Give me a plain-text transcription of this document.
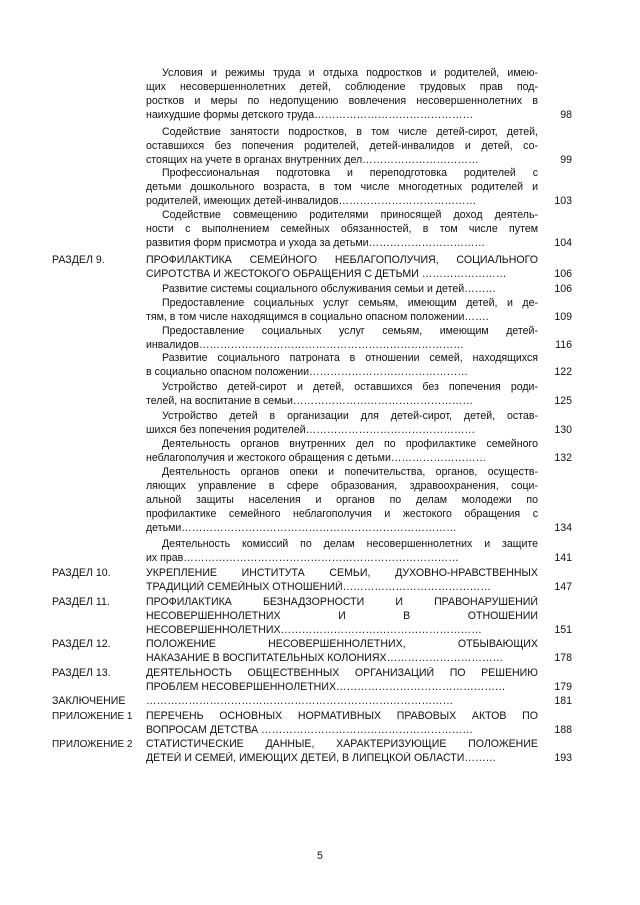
Условия и режимы труда и отдыха подростков и родителей, имею-
щих несовершеннолетних детей, соблюдение трудовых прав под-
ростков и меры по недопущению вовлечения несовершеннолетних в
наихудшие формы детского труда………………………………………	98
Содействие занятости подростков, в том числе детей-сирот, детей,
оставшихся без попечения родителей, детей-инвалидов и детей, со-
стоящих на учете в органах внутренних дел……………………………	99
Профессиональная подготовка и переподготовка родителей с
детьми дошкольного возраста, в том числе многодетных родителей и
родителей, имеющих детей-инвалидов…………………………………	103
Содействие совмещению родителями приносящей доход деятель-
ности с выполнением семейных обязанностей, в том числе путем
развития форм присмотра и ухода за детьми……………………………	104
РАЗДЕЛ 9.	ПРОФИЛАКТИКА СЕМЕЙНОГО НЕБЛАГОПОЛУЧИЯ, СОЦИАЛЬНОГО
СИРОТСТВА И ЖЕСТОКОГО ОБРАЩЕНИЯ С ДЕТЬМИ ……………………	106
Развитие системы социального обслуживания семьи и детей………	106
Предоставление социальных услуг семьям, имеющим детей, и де-
тям, в том числе находящимся в социально опасном положении…….	109
Предоставление социальных услуг семьям, имеющим детей-
инвалидов…………………………………………………………………	116
Развитие социального патроната в отношении семей, находящихся
в социально опасном положении………………………………………	122
Устройство детей-сирот и детей, оставшихся без попечения роди-
телей, на воспитание в семьи……………………………………………	125
Устройство детей в организации для детей-сирот, детей, остав-
шихся без попечения родителей…………………………………………	130
Деятельность органов внутренних дел по профилактике семейного
неблагополучия и жестокого обращения с детьми………………………	132
Деятельность органов опеки и попечительства, органов, осуществ-
ляющих управление в сфере образования, здравоохранения, соци-
альной защиты населения и органов по делам молодежи по
профилактике семейного неблагополучия и жестокого обращения с
детьми……………………………………………………………………	134
Деятельность комиссий по делам несовершеннолетних и защите
их прав……………………………………………………………………	141
РАЗДЕЛ 10.	УКРЕПЛЕНИЕ ИНСТИТУТА СЕМЬИ, ДУХОВНО-НРАВСТВЕННЫХ
ТРАДИЦИЙ СЕМЕЙНЫХ ОТНОШЕНИЙ……………………………………	147
РАЗДЕЛ 11.	ПРОФИЛАКТИКА БЕЗНАДЗОРНОСТИ И ПРАВОНАРУШЕНИЙ
НЕСОВЕРШЕННОЛЕТНИХ И В ОТНОШЕНИИ
НЕСОВЕРШЕННОЛЕТНИХ…………………………………………………	151
РАЗДЕЛ 12.	ПОЛОЖЕНИЕ НЕСОВЕРШЕННОЛЕТНИХ, ОТБЫВАЮЩИХ
НАКАЗАНИЕ В ВОСПИТАТЕЛЬНЫХ КОЛОНИЯХ……………………………	178
РАЗДЕЛ 13.	ДЕЯТЕЛЬНОСТЬ ОБЩЕСТВЕННЫХ ОРГАНИЗАЦИЙ ПО РЕШЕНИЮ
ПРОБЛЕМ НЕСОВЕРШЕННОЛЕТНИХ…………………………………………	179
ЗАКЛЮЧЕНИЕ ……………………………………………………………………………	181
ПРИЛОЖЕНИЕ 1 ПЕРЕЧЕНЬ ОСНОВНЫХ НОРМАТИВНЫХ ПРАВОВЫХ АКТОВ ПО
ВОПРОСАМ ДЕТСТВА ……………………………………………………	188
ПРИЛОЖЕНИЕ 2 СТАТИСТИЧЕСКИЕ ДАННЫЕ, ХАРАКТЕРИЗУЮЩИЕ ПОЛОЖЕНИЕ
ДЕТЕЙ И СЕМЕЙ, ИМЕЮЩИХ ДЕТЕЙ, В ЛИПЕЦКОЙ ОБЛАСТИ………	193
5
